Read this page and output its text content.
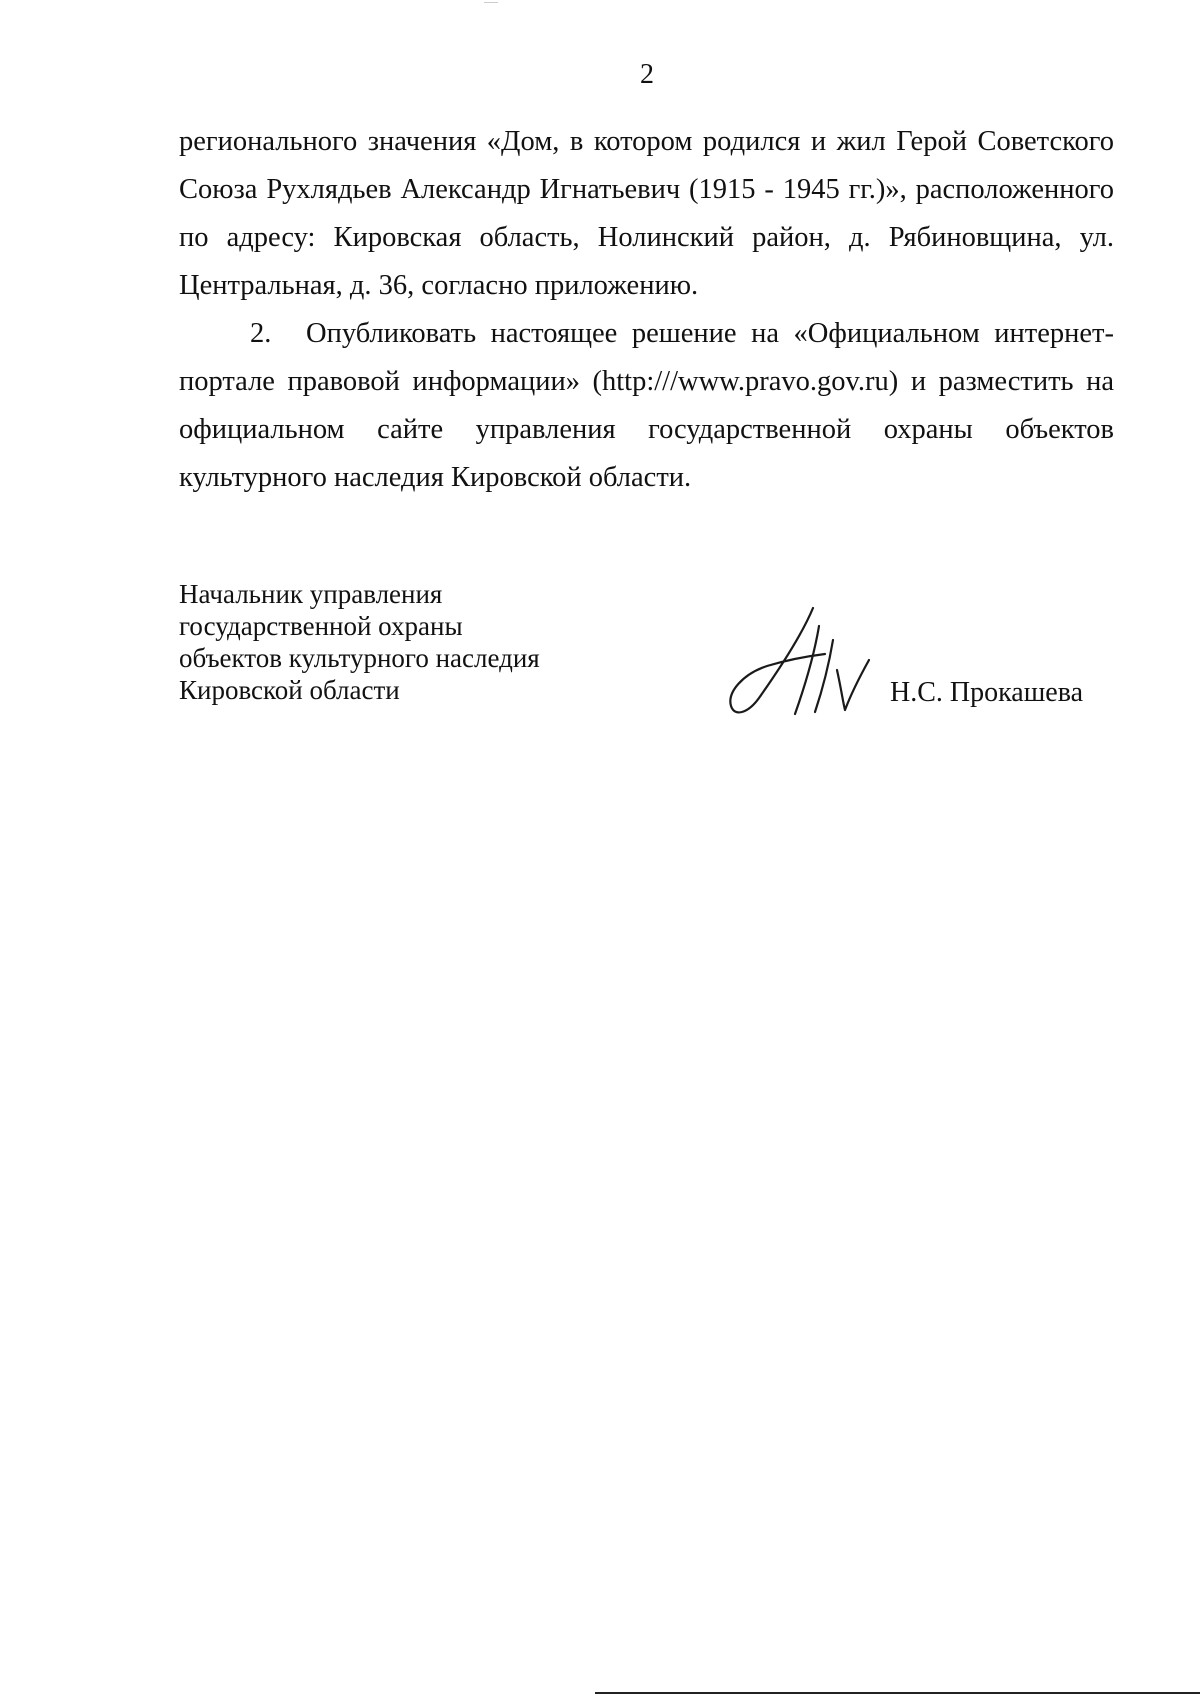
2

регионального значения «Дом, в котором родился и жил Герой Советского Союза Рухлядьев Александр Игнатьевич (1915 - 1945 гг.)», расположенного по адресу: Кировская область, Нолинский район, д. Рябиновщина, ул. Центральная, д. 36, согласно приложению.

2. Опубликовать настоящее решение на «Официальном интернет-портале правовой информации» (http:///www.pravo.gov.ru) и разместить на официальном сайте управления государственной охраны объектов культурного наследия Кировской области.

Начальник управления
государственной охраны
объектов культурного наследия
Кировской области	Н.С. Прокашева
